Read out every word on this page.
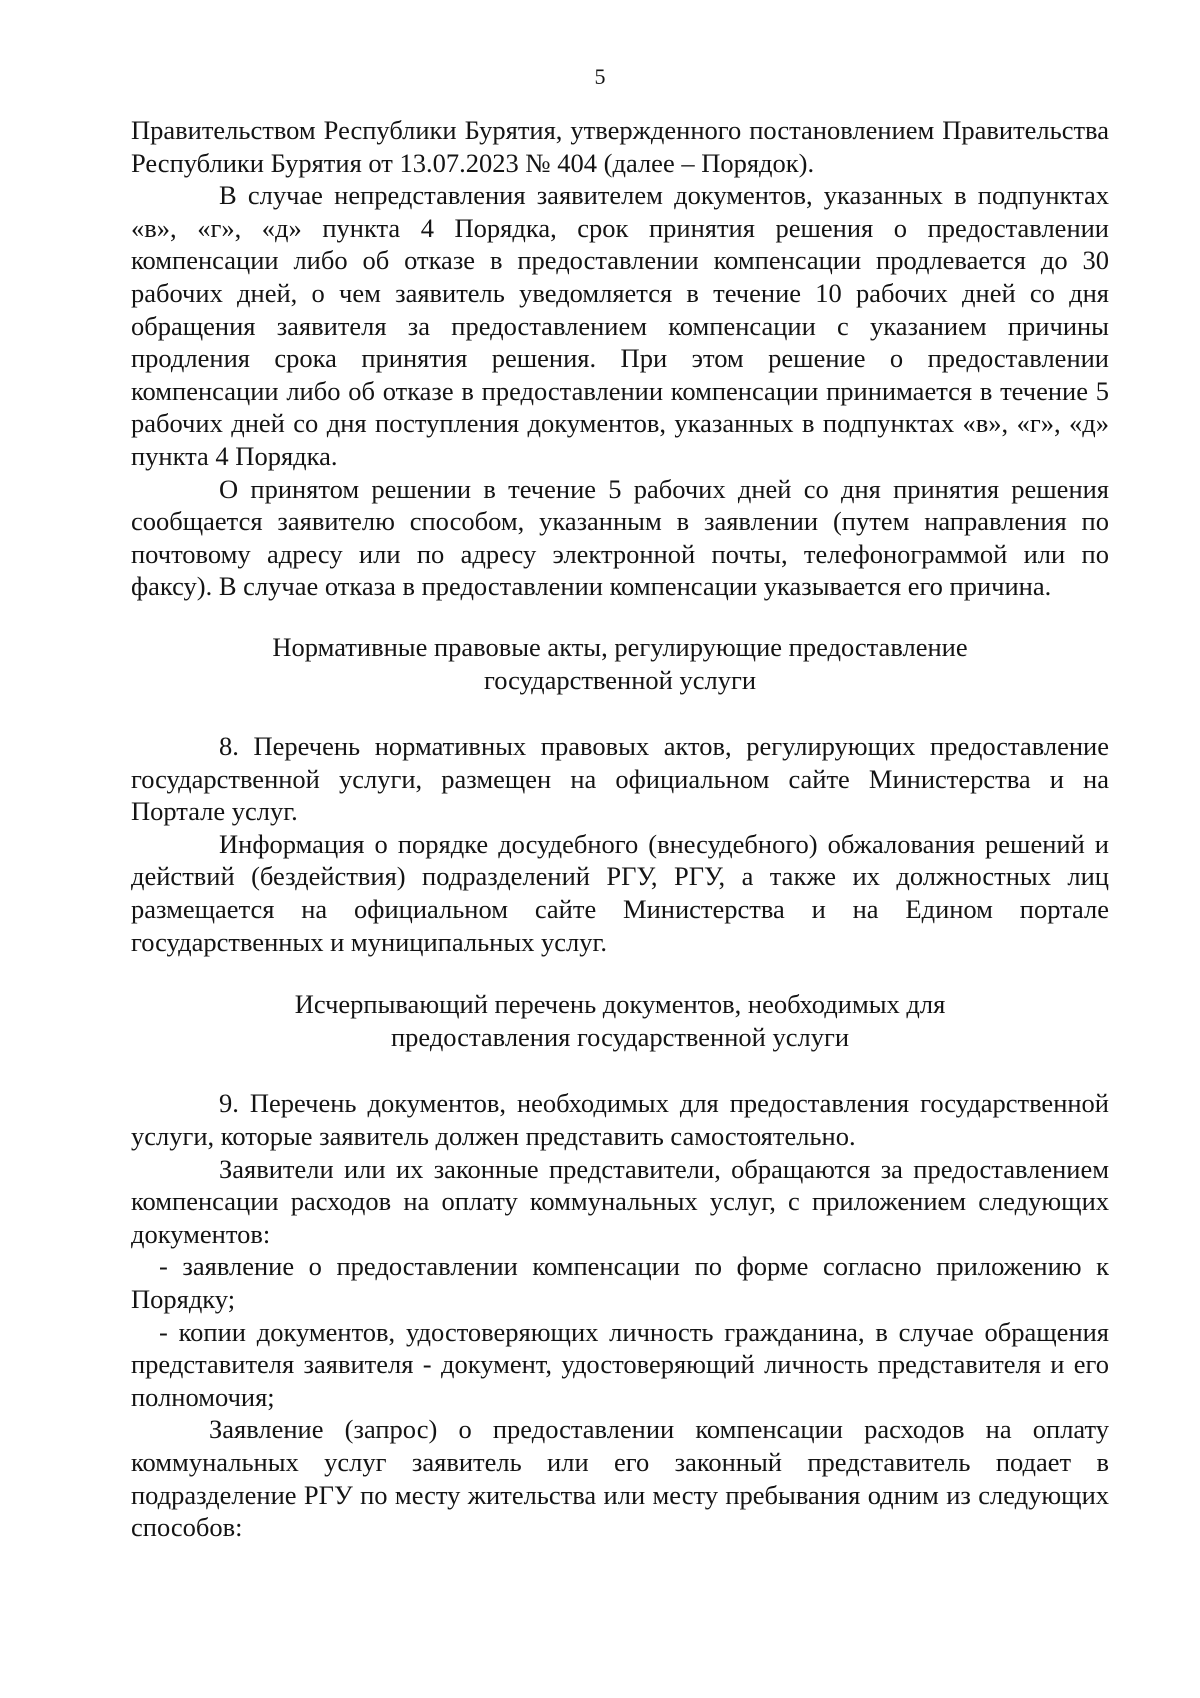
5

Правительством Республики Бурятия, утвержденного постановлением Правительства Республики Бурятия от 13.07.2023 № 404 (далее – Порядок).

В случае непредставления заявителем документов, указанных в подпунктах «в», «г», «д» пункта 4 Порядка, срок принятия решения о предоставлении компенсации либо об отказе в предоставлении компенсации продлевается до 30 рабочих дней, о чем заявитель уведомляется в течение 10 рабочих дней со дня обращения заявителя за предоставлением компенсации с указанием причины продления срока принятия решения. При этом решение о предоставлении компенсации либо об отказе в предоставлении компенсации принимается в течение 5 рабочих дней со дня поступления документов, указанных в подпунктах «в», «г», «д» пункта 4 Порядка.

О принятом решении в течение 5 рабочих дней со дня принятия решения сообщается заявителю способом, указанным в заявлении (путем направления по почтовому адресу или по адресу электронной почты, телефонограммой или по факсу). В случае отказа в предоставлении компенсации указывается его причина.

Нормативные правовые акты, регулирующие предоставление
государственной услуги

8. Перечень нормативных правовых актов, регулирующих предоставление государственной услуги, размещен на официальном сайте Министерства и на Портале услуг.

Информация о порядке досудебного (внесудебного) обжалования решений и действий (бездействия) подразделений РГУ, РГУ, а также их должностных лиц размещается на официальном сайте Министерства и на Едином портале государственных и муниципальных услуг.

Исчерпывающий перечень документов, необходимых для
предоставления государственной услуги

9. Перечень документов, необходимых для предоставления государственной услуги, которые заявитель должен представить самостоятельно.

Заявители или их законные представители, обращаются за предоставлением компенсации расходов на оплату коммунальных услуг, с приложением следующих документов:

- заявление о предоставлении компенсации по форме согласно приложению к Порядку;

- копии документов, удостоверяющих личность гражданина, в случае обращения представителя заявителя - документ, удостоверяющий личность представителя и его полномочия;

Заявление (запрос) о предоставлении компенсации расходов на оплату коммунальных услуг заявитель или его законный представитель подает в подразделение РГУ по месту жительства или месту пребывания одним из следующих способов:
